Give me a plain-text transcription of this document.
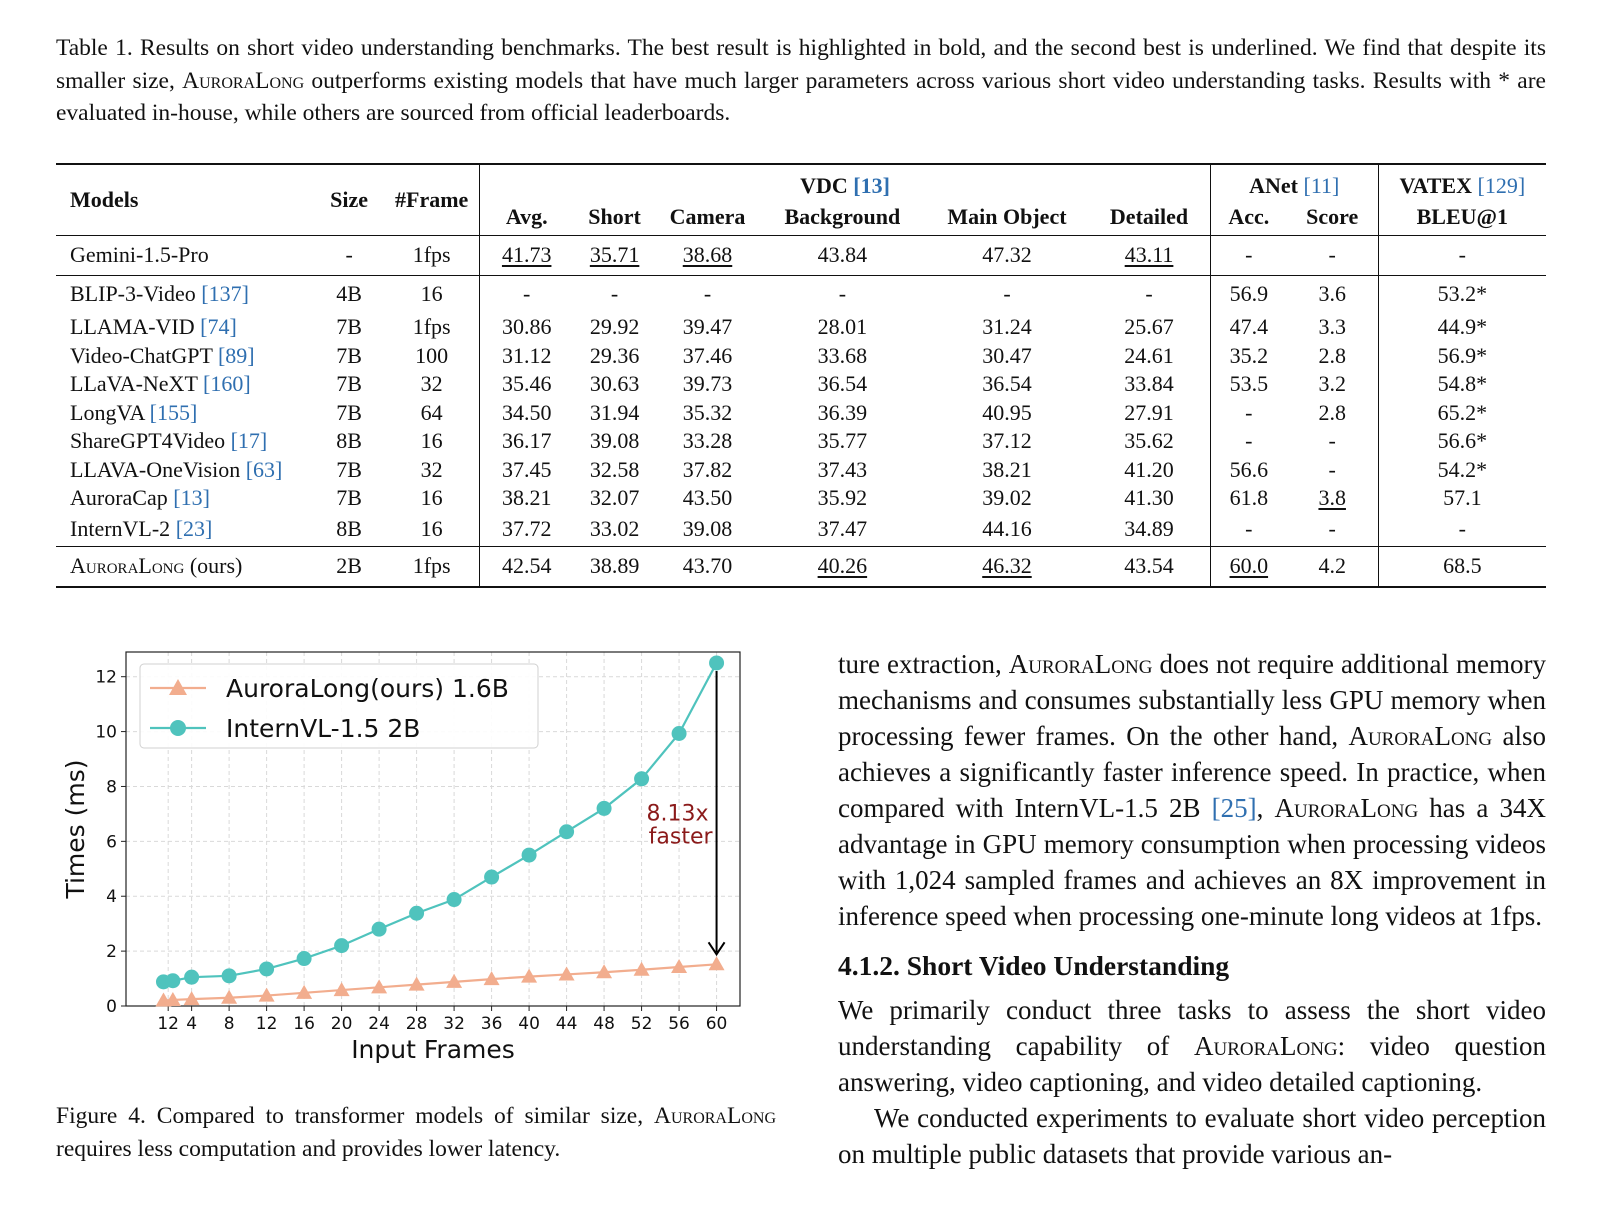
Table 1. Results on short video understanding benchmarks. The best result is highlighted in bold, and the second best is underlined. We find that despite its smaller size, AuroraLong outperforms existing models that have much larger parameters across various short video understanding tasks. Results with * are evaluated in-house, while others are sourced from official leaderboards.
Models	Size	#Frame	VDC [13]						ANet [11]		VATEX [129]
			Avg.	Short	Camera	Background	Main Object	Detailed	Acc.	Score	BLEU@1
Gemini-1.5-Pro	-	1fps	41.73	35.71	38.68	43.84	47.32	43.11	-	-	-
BLIP-3-Video [137]	4B	16	-	-	-	-	-	-	56.9	3.6	53.2*
LLAMA-VID [74]	7B	1fps	30.86	29.92	39.47	28.01	31.24	25.67	47.4	3.3	44.9*
Video-ChatGPT [89]	7B	100	31.12	29.36	37.46	33.68	30.47	24.61	35.2	2.8	56.9*
LLaVA-NeXT [160]	7B	32	35.46	30.63	39.73	36.54	36.54	33.84	53.5	3.2	54.8*
LongVA [155]	7B	64	34.50	31.94	35.32	36.39	40.95	27.91	-	2.8	65.2*
ShareGPT4Video [17]	8B	16	36.17	39.08	33.28	35.77	37.12	35.62	-	-	56.6*
LLAVA-OneVision [63]	7B	32	37.45	32.58	37.82	37.43	38.21	41.20	56.6	-	54.2*
AuroraCap [13]	7B	16	38.21	32.07	43.50	35.92	39.02	41.30	61.8	3.8	57.1
InternVL-2 [23]	8B	16	37.72	33.02	39.08	37.47	44.16	34.89	-	-	-
AuroraLong (ours)	2B	1fps	42.54	38.89	43.70	40.26	46.32	43.54	60.0	4.2	68.5
12 4 8 12 16 20 24 28 32 36 40 44 48 52 56 60
0
2
4
6
8
10
12
Input Frames
Times (ms)	8.13x
faster
AuroraLong(ours) 1.6B
InternVL-1.5 2B
Figure 4. Compared to transformer models of similar size, AuroraLong requires less computation and provides lower latency.

ture extraction, AuroraLong does not require additional memory mechanisms and consumes substantially less GPU memory when processing fewer frames. On the other hand, AuroraLong also achieves a significantly faster inference speed. In practice, when compared with InternVL-1.5 2B [25], AuroraLong has a 34X advantage in GPU memory consumption when processing videos with 1,024 sampled frames and achieves an 8X improvement in inference speed when processing one-minute long videos at 1fps.

4.1.2. Short Video Understanding

We primarily conduct three tasks to assess the short video understanding capability of AuroraLong: video question answering, video captioning, and video detailed captioning.

We conducted experiments to evaluate short video perception on multiple public datasets that provide various an-
